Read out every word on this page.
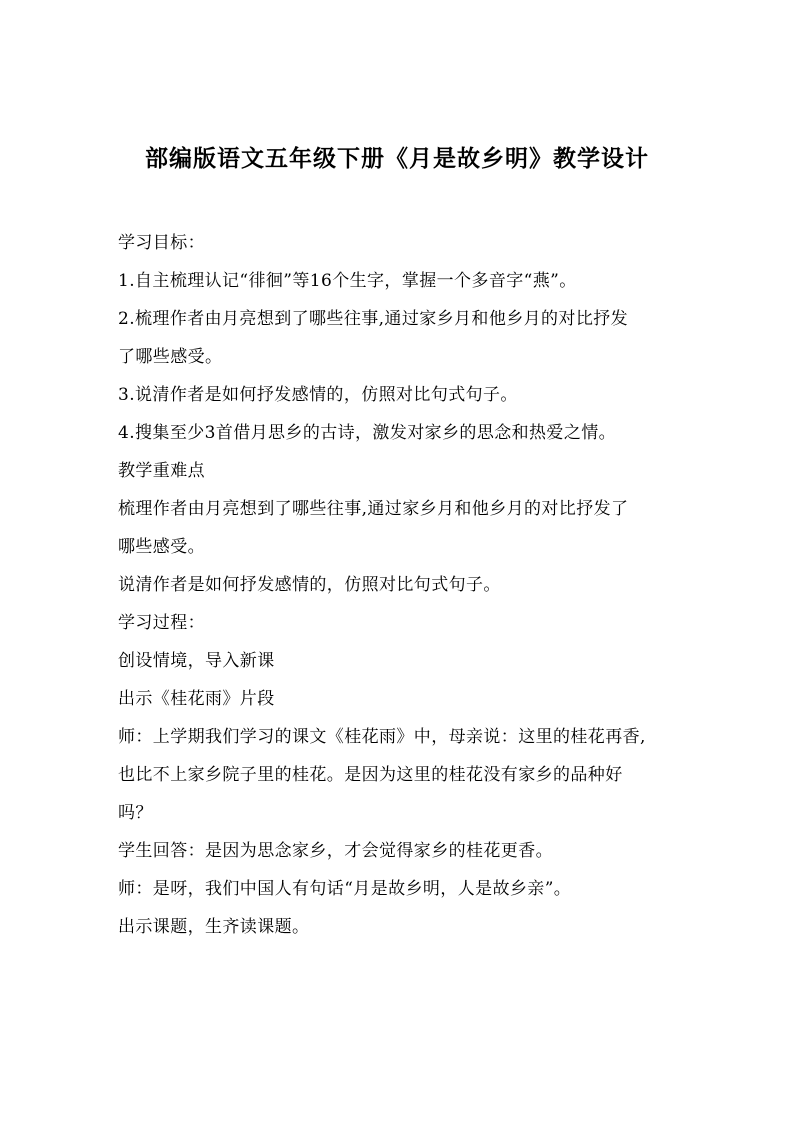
部编版语文五年级下册《月是故乡明》教学设计
学习目标：
1.自主梳理认记“徘徊”等16个生字，掌握一个多音字“燕”。
2.梳理作者由月亮想到了哪些往事,通过家乡月和他乡月的对比抒发
了哪些感受。
3.说清作者是如何抒发感情的，仿照对比句式句子。
4.搜集至少3首借月思乡的古诗，激发对家乡的思念和热爱之情。
教学重难点
梳理作者由月亮想到了哪些往事,通过家乡月和他乡月的对比抒发了
哪些感受。
说清作者是如何抒发感情的，仿照对比句式句子。
学习过程：
创设情境，导入新课
出示《桂花雨》片段
师：上学期我们学习的课文《桂花雨》中，母亲说：这里的桂花再香,
也比不上家乡院子里的桂花。是因为这里的桂花没有家乡的品种好
吗？
学生回答：是因为思念家乡，才会觉得家乡的桂花更香。
师：是呀，我们中国人有句话“月是故乡明，人是故乡亲”。
出示课题，生齐读课题。
